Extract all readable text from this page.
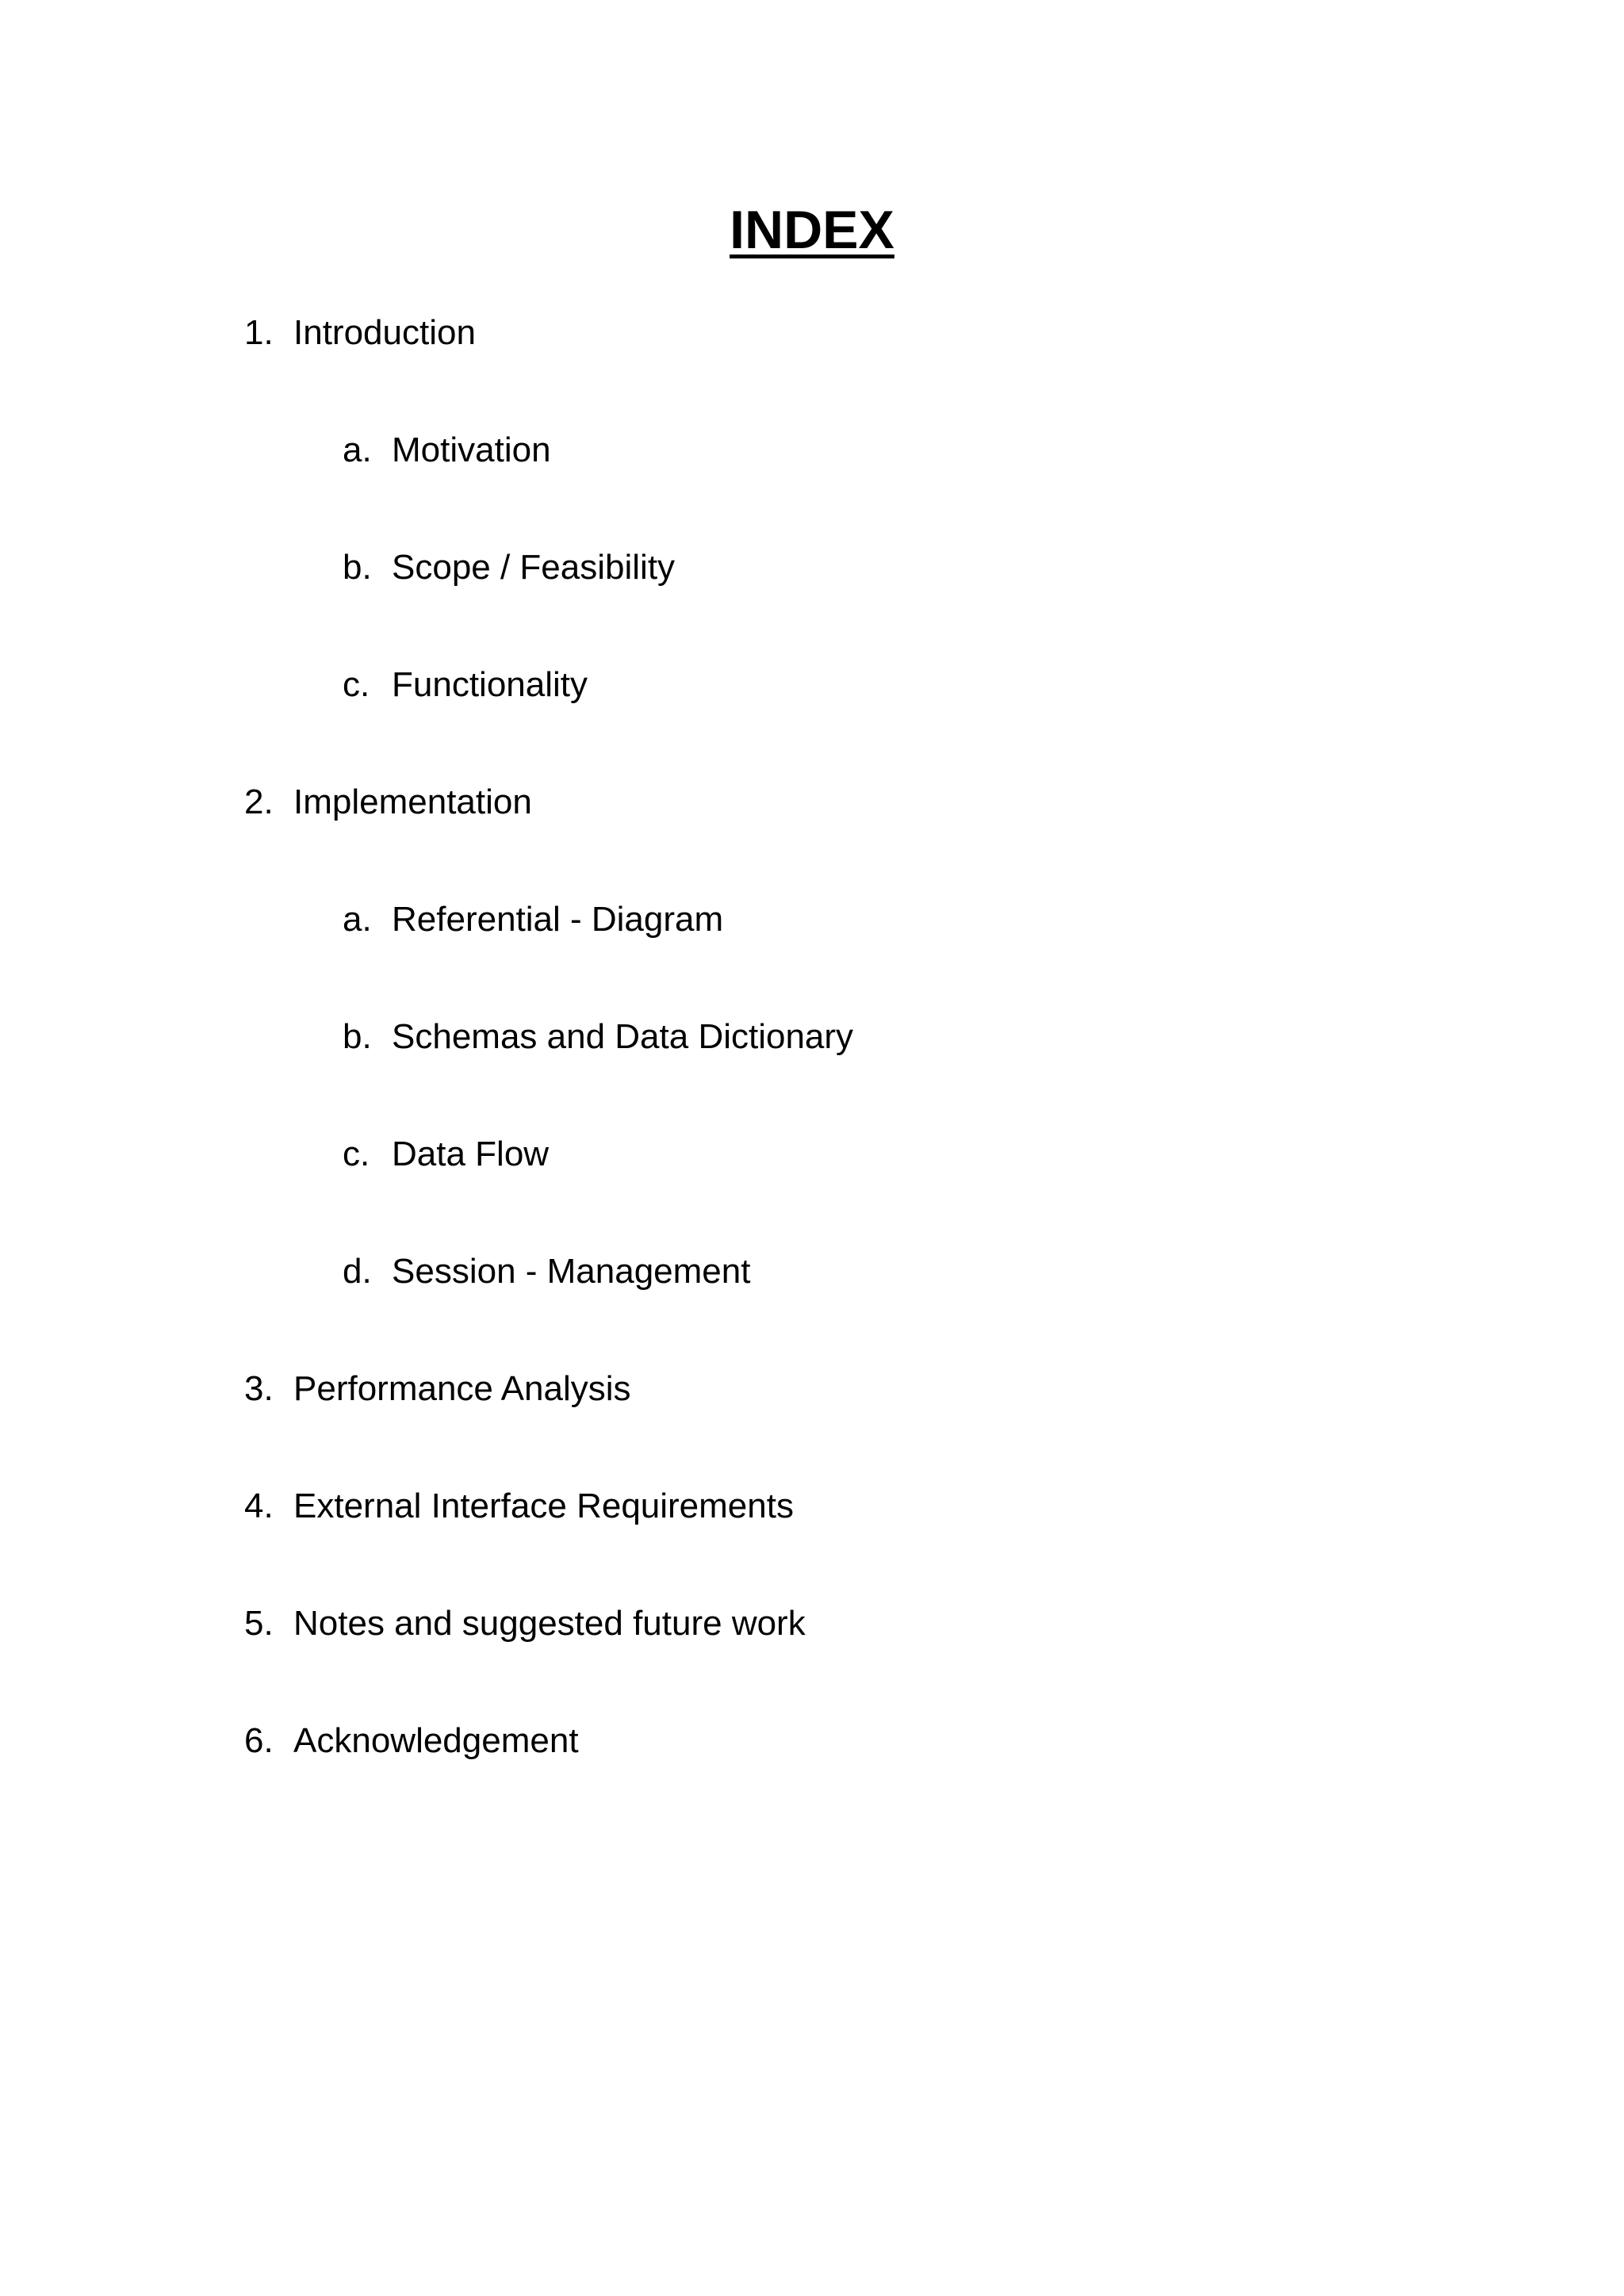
INDEX
1. Introduction
a. Motivation
b. Scope / Feasibility
c. Functionality
2. Implementation
a. Referential - Diagram
b. Schemas and Data Dictionary
c. Data Flow
d. Session - Management
3. Performance Analysis
4. External Interface Requirements
5. Notes and suggested future work
6. Acknowledgement
